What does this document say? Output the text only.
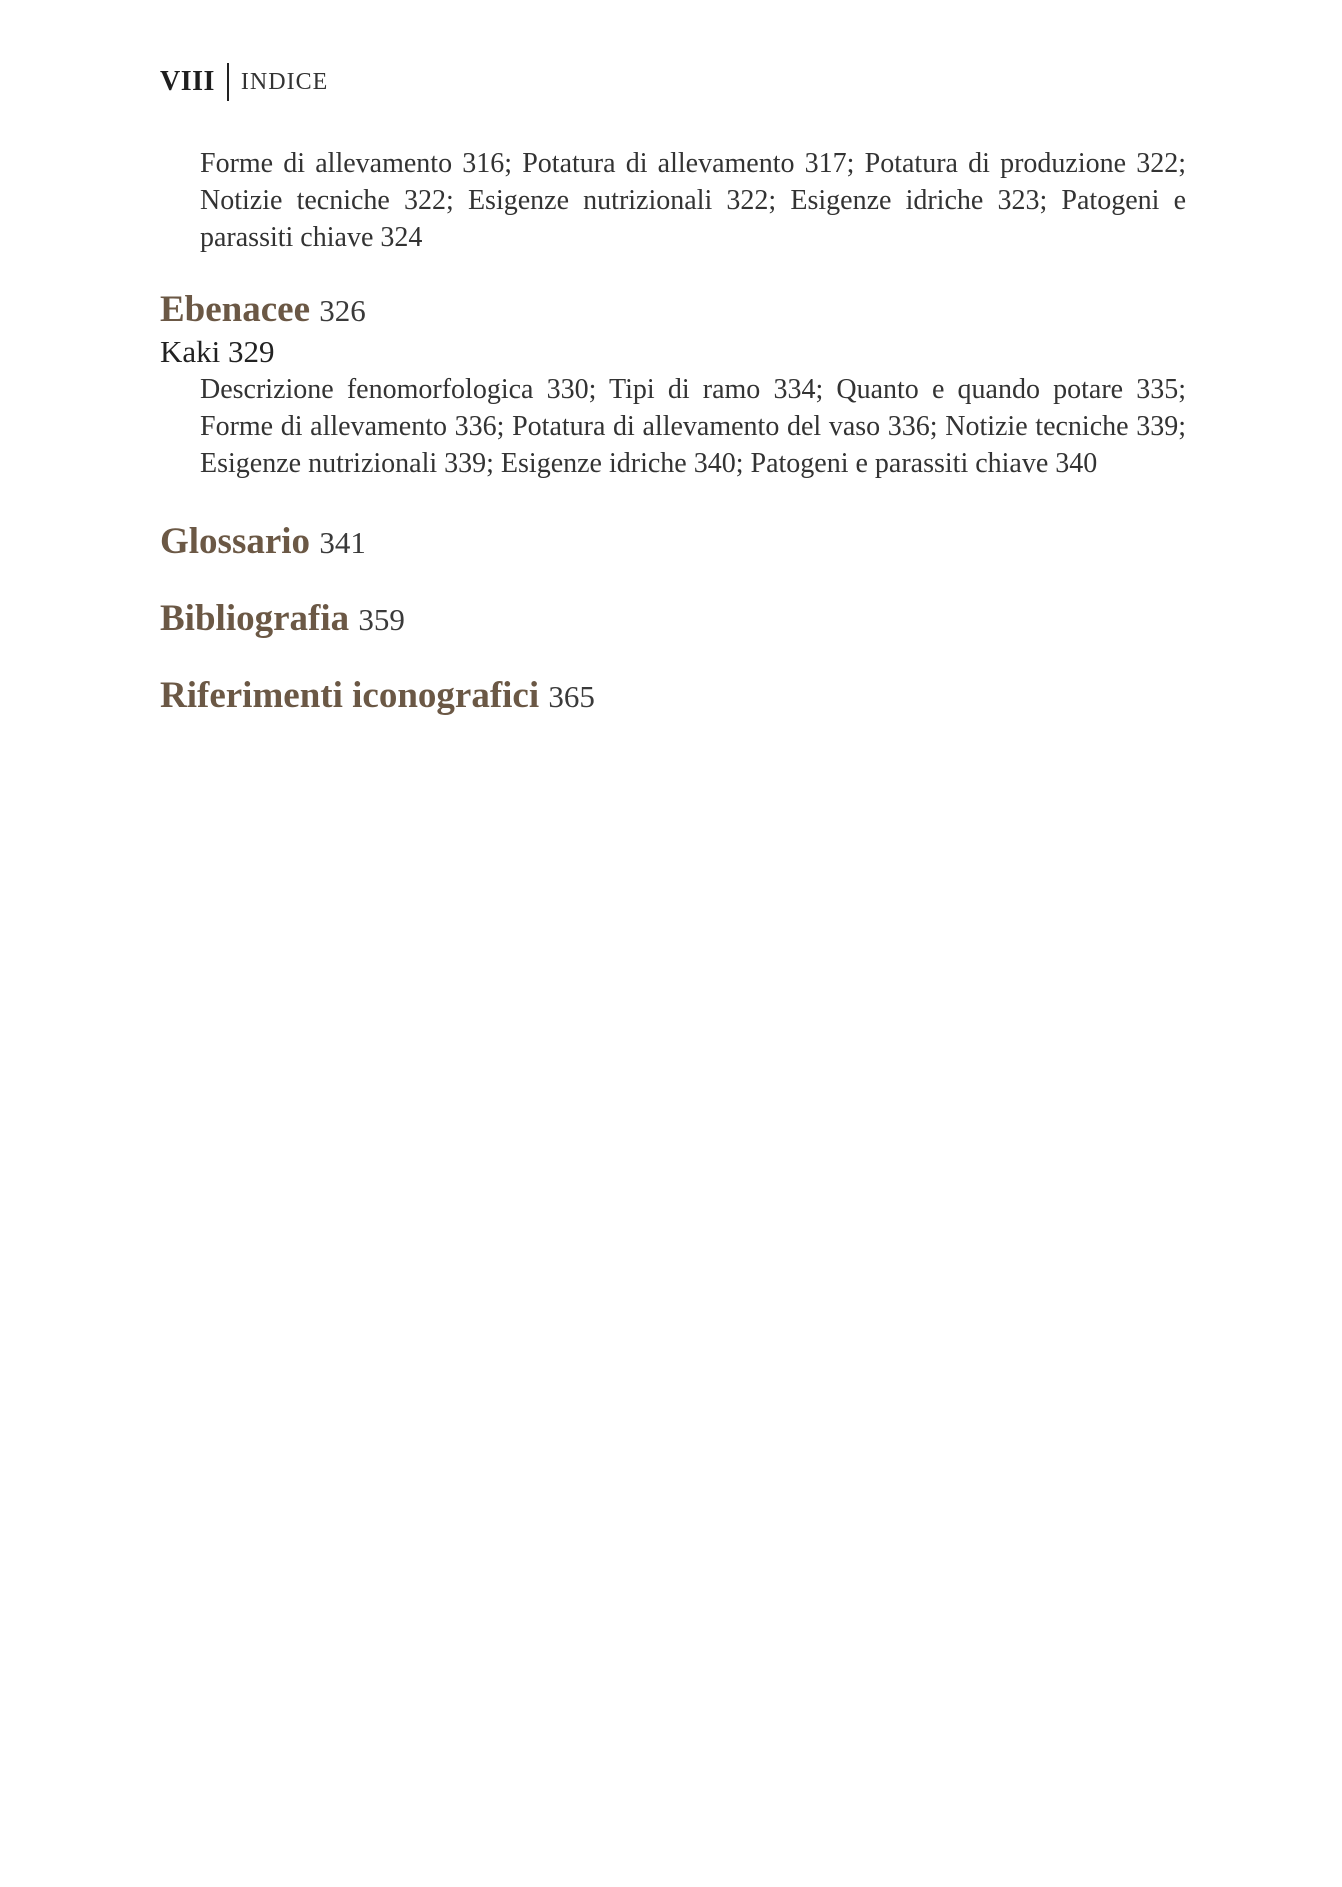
VIII INDICE
Forme di allevamento 316; Potatura di allevamento 317; Potatura di produzione 322; Notizie tecniche 322; Esigenze nutrizionali 322; Esigenze idriche 323; Patogeni e parassiti chiave 324
Ebenacee 326
Kaki 329
Descrizione fenomorfologica 330; Tipi di ramo 334; Quanto e quando potare 335; Forme di allevamento 336; Potatura di allevamento del vaso 336; Notizie tecniche 339; Esigenze nutrizionali 339; Esigenze idriche 340; Patogeni e parassiti chiave 340
Glossario 341
Bibliografia 359
Riferimenti iconografici 365
